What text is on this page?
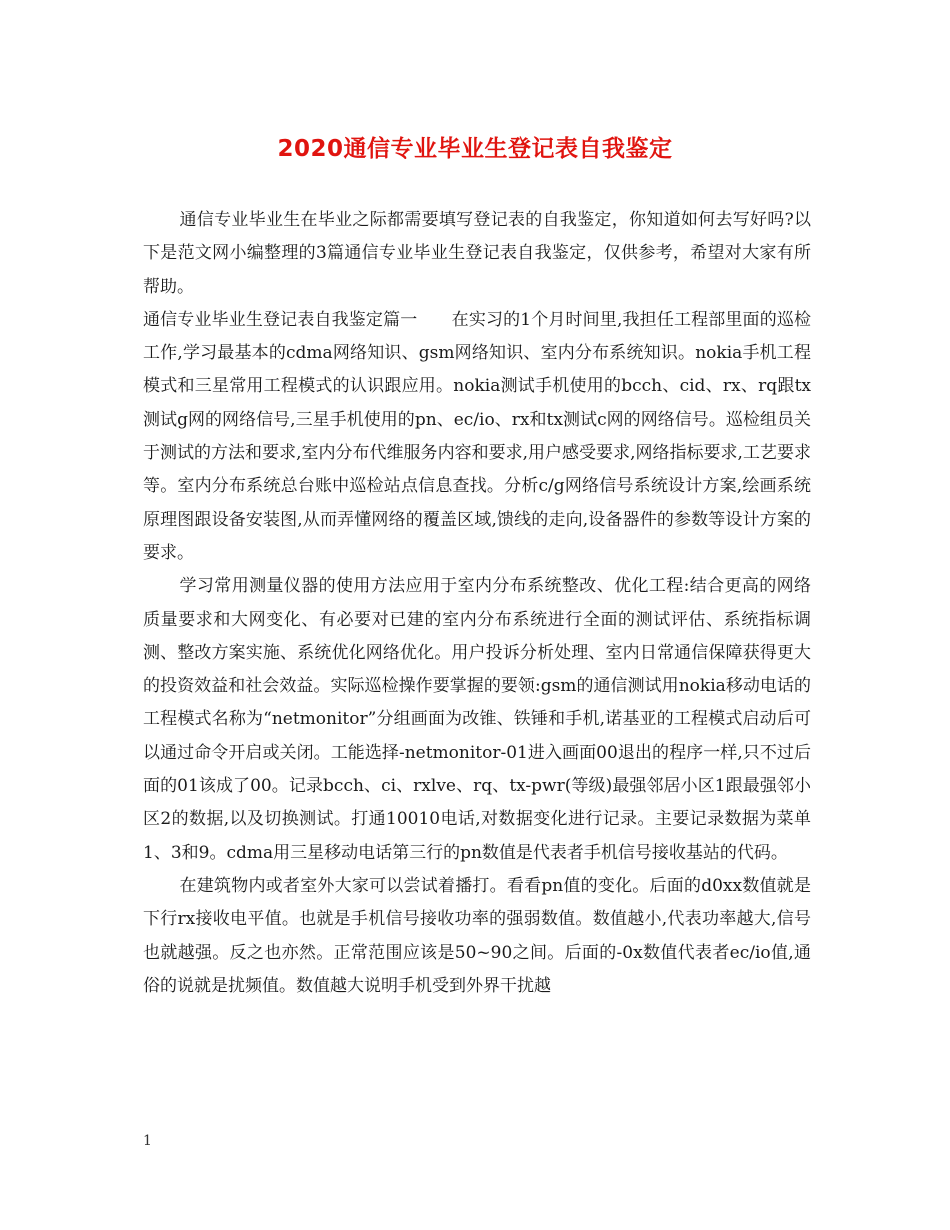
2020通信专业毕业生登记表自我鉴定

通信专业毕业生在毕业之际都需要填写登记表的自我鉴定，你知道如何去写好吗?以下是范文网小编整理的3篇通信专业毕业生登记表自我鉴定，仅供参考，希望对大家有所帮助。

通信专业毕业生登记表自我鉴定篇一　　在实习的1个月时间里,我担任工程部里面的巡检工作,学习最基本的cdma网络知识、gsm网络知识、室内分布系统知识。nokia手机工程模式和三星常用工程模式的认识跟应用。nokia测试手机使用的bcch、cid、rx、rq跟tx测试g网的网络信号,三星手机使用的pn、ec/io、rx和tx测试c网的网络信号。巡检组员关于测试的方法和要求,室内分布代维服务内容和要求,用户感受要求,网络指标要求,工艺要求等。室内分布系统总台账中巡检站点信息查找。分析c/g网络信号系统设计方案,绘画系统原理图跟设备安装图,从而弄懂网络的覆盖区域,馈线的走向,设备器件的参数等设计方案的要求。

学习常用测量仪器的使用方法应用于室内分布系统整改、优化工程:结合更高的网络质量要求和大网变化、有必要对已建的室内分布系统进行全面的测试评估、系统指标调测、整改方案实施、系统优化网络优化。用户投诉分析处理、室内日常通信保障获得更大的投资效益和社会效益。实际巡检操作要掌握的要领:gsm的通信测试用nokia移动电话的工程模式名称为“netmonitor”分组画面为改锥、铁锤和手机,诺基亚的工程模式启动后可以通过命令开启或关闭。工能选择-netmonitor-01进入画面00退出的程序一样,只不过后面的01该成了00。记录bcch、ci、rxlve、rq、tx-pwr(等级)最强邻居小区1跟最强邻小区2的数据,以及切换测试。打通10010电话,对数据变化进行记录。主要记录数据为菜单1、3和9。cdma用三星移动电话第三行的pn数值是代表者手机信号接收基站的代码。

在建筑物内或者室外大家可以尝试着播打。看看pn值的变化。后面的d0xx数值就是下行rx接收电平值。也就是手机信号接收功率的强弱数值。数值越小,代表功率越大,信号也就越强。反之也亦然。正常范围应该是50~90之间。后面的-0x数值代表者ec/io值,通俗的说就是扰频值。数值越大说明手机受到外界干扰越

1
